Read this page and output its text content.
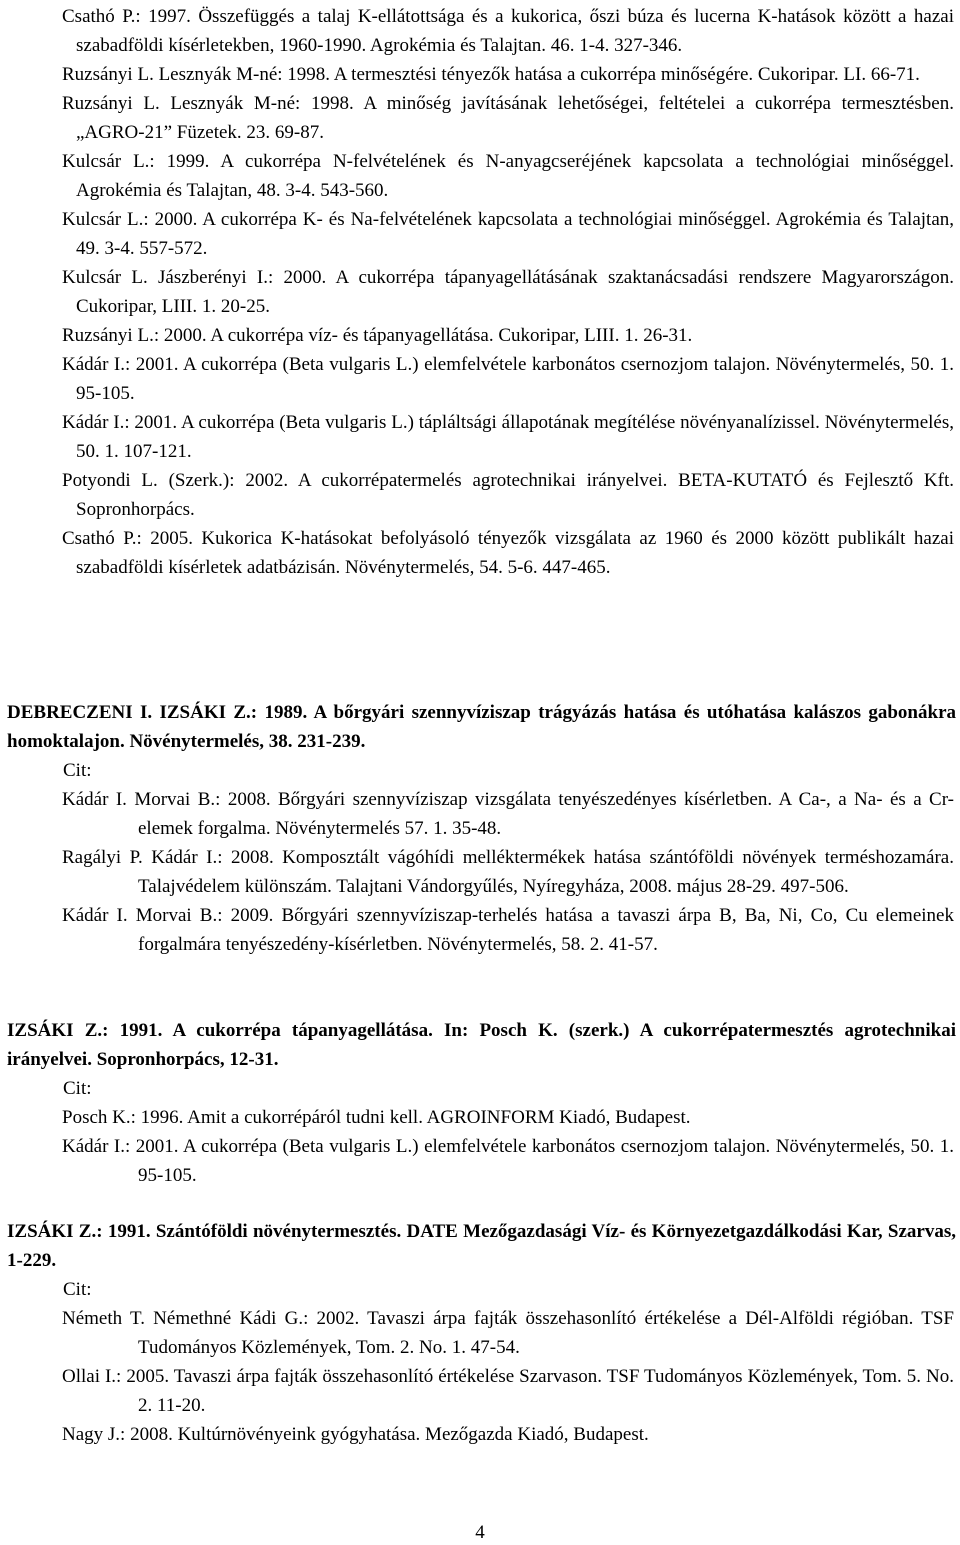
Csathó P.: 1997. Összefüggés a talaj K-ellátottsága és a kukorica, őszi búza és lucerna K-hatások között a hazai szabadföldi kísérletekben, 1960-1990. Agrokémia és Talajtan. 46. 1-4. 327-346.

Ruzsányi L. Lesznyák M-né: 1998. A termesztési tényezők hatása a cukorrépa minőségére. Cukoripar. LI. 66-71.

Ruzsányi L. Lesznyák M-né: 1998. A minőség javításának lehetőségei, feltételei a cukorrépa termesztésben. „AGRO-21” Füzetek. 23. 69-87.

Kulcsár L.: 1999. A cukorrépa N-felvételének és N-anyagcseréjének kapcsolata a technológiai minőséggel. Agrokémia és Talajtan, 48. 3-4. 543-560.

Kulcsár L.: 2000. A cukorrépa K- és Na-felvételének kapcsolata a technológiai minőséggel. Agrokémia és Talajtan, 49. 3-4. 557-572.

Kulcsár L. Jászberényi I.: 2000. A cukorrépa tápanyagellátásának szaktanácsadási rendszere Magyarországon. Cukoripar, LIII. 1. 20-25.

Ruzsányi L.: 2000. A cukorrépa víz- és tápanyagellátása. Cukoripar, LIII. 1. 26-31.

Kádár I.: 2001. A cukorrépa (Beta vulgaris L.) elemfelvétele karbonátos csernozjom talajon. Növénytermelés, 50. 1. 95-105.

Kádár I.: 2001. A cukorrépa (Beta vulgaris L.) tápláltsági állapotának megítélése növényanalízissel. Növénytermelés, 50. 1. 107-121.

Potyondi L. (Szerk.): 2002. A cukorrépatermelés agrotechnikai irányelvei. BETA-KUTATÓ és Fejlesztő Kft. Sopronhorpács.

Csathó P.: 2005. Kukorica K-hatásokat befolyásoló tényezők vizsgálata az 1960 és 2000 között publikált hazai szabadföldi kísérletek adatbázisán. Növénytermelés, 54. 5-6. 447-465.

DEBRECZENI I. IZSÁKI Z.: 1989. A bőrgyári szennyvíziszap trágyázás hatása és utóhatása kalászos gabonákra homoktalajon. Növénytermelés, 38. 231-239.

Cit:

Kádár I. Morvai B.: 2008. Bőrgyári szennyvíziszap vizsgálata tenyészedényes kísérletben. A Ca-, a Na- és a Cr-elemek forgalma. Növénytermelés 57. 1. 35-48.

Ragályi P. Kádár I.: 2008. Komposztált vágóhídi melléktermékek hatása szántóföldi növények terméshozamára. Talajvédelem különszám. Talajtani Vándorgyűlés, Nyíregyháza, 2008. május 28-29. 497-506.

Kádár I. Morvai B.: 2009. Bőrgyári szennyvíziszap-terhelés hatása a tavaszi árpa B, Ba, Ni, Co, Cu elemeinek forgalmára tenyészedény-kísérletben. Növénytermelés, 58. 2. 41-57.

IZSÁKI Z.: 1991. A cukorrépa tápanyagellátása. In: Posch K. (szerk.) A cukorrépatermesztés agrotechnikai irányelvei. Sopronhorpács, 12-31.

Cit:

Posch K.: 1996. Amit a cukorrépáról tudni kell. AGROINFORM Kiadó, Budapest.

Kádár I.: 2001. A cukorrépa (Beta vulgaris L.) elemfelvétele karbonátos csernozjom talajon. Növénytermelés, 50. 1. 95-105.

IZSÁKI Z.: 1991. Szántóföldi növénytermesztés. DATE Mezőgazdasági Víz- és Környezetgazdálkodási Kar, Szarvas, 1-229.

Cit:

Németh T. Némethné Kádi G.: 2002. Tavaszi árpa fajták összehasonlító értékelése a Dél-Alföldi régióban. TSF Tudományos Közlemények, Tom. 2. No. 1. 47-54.

Ollai I.: 2005. Tavaszi árpa fajták összehasonlító értékelése Szarvason. TSF Tudományos Közlemények, Tom. 5. No. 2. 11-20.

Nagy J.: 2008. Kultúrnövényeink gyógyhatása. Mezőgazda Kiadó, Budapest.

4
